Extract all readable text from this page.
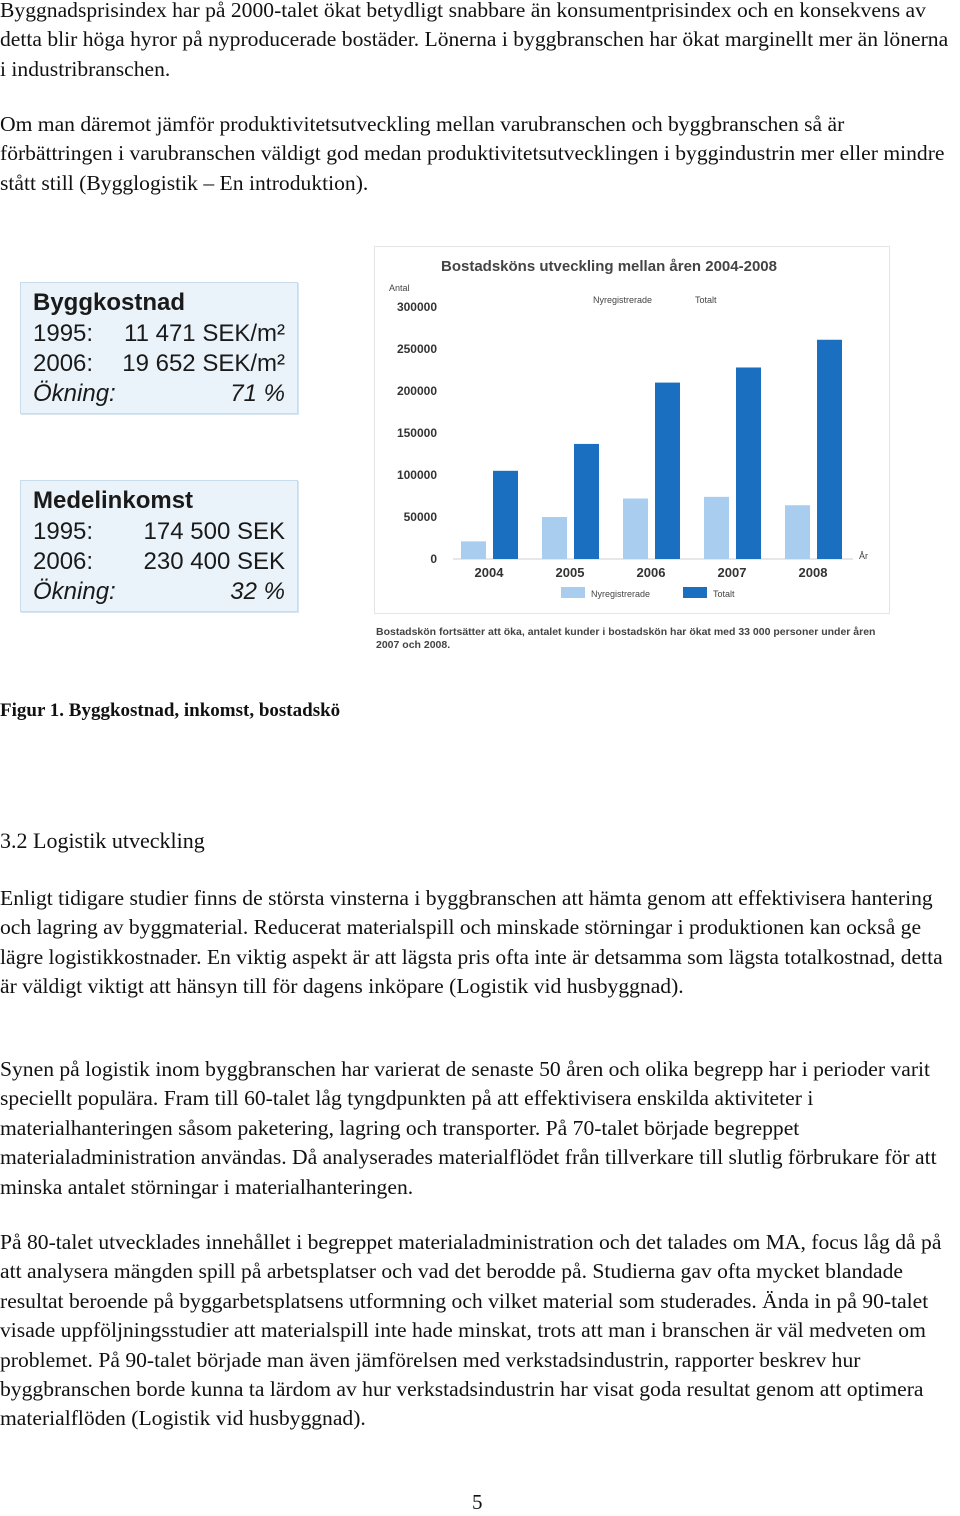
Byggnadsprisindex har på 2000-talet ökat betydligt snabbare än konsumentprisindex och en konsekvens av detta blir höga hyror på nyproducerade bostäder. Lönerna i byggbranschen har ökat marginellt mer än lönerna i industribranschen.

Om man däremot jämför produktivitetsutveckling mellan varubranschen och byggbranschen så är förbättringen i varubranschen väldigt god medan produktivitetsutvecklingen i byggindustrin mer eller mindre stått still (Bygglogistik – En introduktion).

Byggkostnad
1995: 11 471 SEK/m²
2006: 19 652 SEK/m²
Ökning:	71 %
Medelinkomst
1995: 174 500 SEK
2006: 230 400 SEK
Ökning:	32 %
Bostadsköns utveckling mellan åren 2004-2008
Antal
Nyregistrerade	Totalt
0
50000
100000
150000
200000
250000
300000
2004	2005	2006	2007	2008
År
Nyregistrerade	Totalt
Bostadskön fortsätter att öka, antalet kunder i bostadskön har ökat med 33 000 personer under åren 2007 och 2008.
Figur 1. Byggkostnad, inkomst, bostadskö
3.2 Logistik utveckling

Enligt tidigare studier finns de största vinsterna i byggbranschen att hämta genom att effektivisera hantering och lagring av byggmaterial. Reducerat materialspill och minskade störningar i produktionen kan också ge lägre logistikkostnader. En viktig aspekt är att lägsta pris ofta inte är detsamma som lägsta totalkostnad, detta är väldigt viktigt att hänsyn till för dagens inköpare (Logistik vid husbyggnad).

Synen på logistik inom byggbranschen har varierat de senaste 50 åren och olika begrepp har i perioder varit speciellt populära. Fram till 60-talet låg tyngdpunkten på att effektivisera enskilda aktiviteter i materialhanteringen såsom paketering, lagring och transporter. På 70-talet började begreppet materialadministration användas. Då analyserades materialflödet från tillverkare till slutlig förbrukare för att minska antalet störningar i materialhanteringen.

På 80-talet utvecklades innehållet i begreppet materialadministration och det talades om MA, focus låg då på att analysera mängden spill på arbetsplatser och vad det berodde på. Studierna gav ofta mycket blandade resultat beroende på byggarbetsplatsens utformning och vilket material som studerades. Ända in på 90-talet visade uppföljningsstudier att materialspill inte hade minskat, trots att man i branschen är väl medveten om problemet. På 90-talet började man även jämförelsen med verkstadsindustrin, rapporter beskrev hur byggbranschen borde kunna ta lärdom av hur verkstadsindustrin har visat goda resultat genom att optimera materialflöden (Logistik vid husbyggnad).

5
